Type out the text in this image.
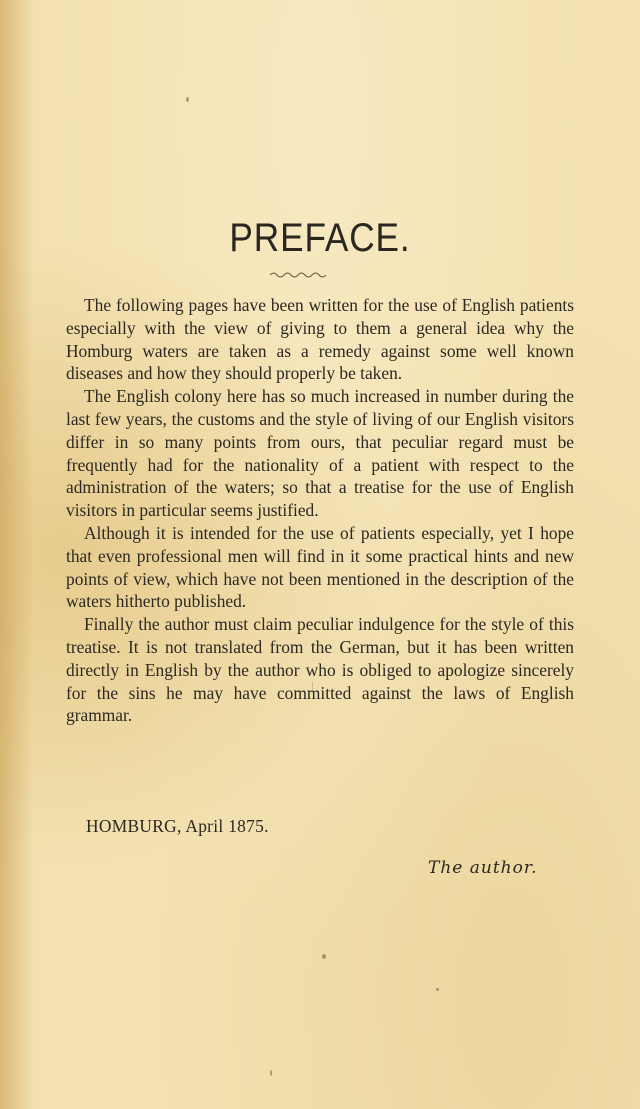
PREFACE.

The following pages have been written for the use of English patients especially with the view of giving to them a general idea why the Homburg waters are taken as a remedy against some well known diseases and how they should properly be taken.

The English colony here has so much increased in number during the last few years, the customs and the style of living of our English visitors differ in so many points from ours, that peculiar regard must be frequently had for the nationality of a patient with respect to the administration of the waters; so that a treatise for the use of English visitors in particular seems justified.

Although it is intended for the use of patients especially, yet I hope that even professional men will find in it some practical hints and new points of view, which have not been mentioned in the description of the waters hitherto published.

Finally the author must claim peculiar indulgence for the style of this treatise. It is not translated from the German, but it has been written directly in English by the author who is obliged to apologize sincerely for the sins he may have committed against the laws of English grammar.

HOMBURG, April 1875.
The author.
